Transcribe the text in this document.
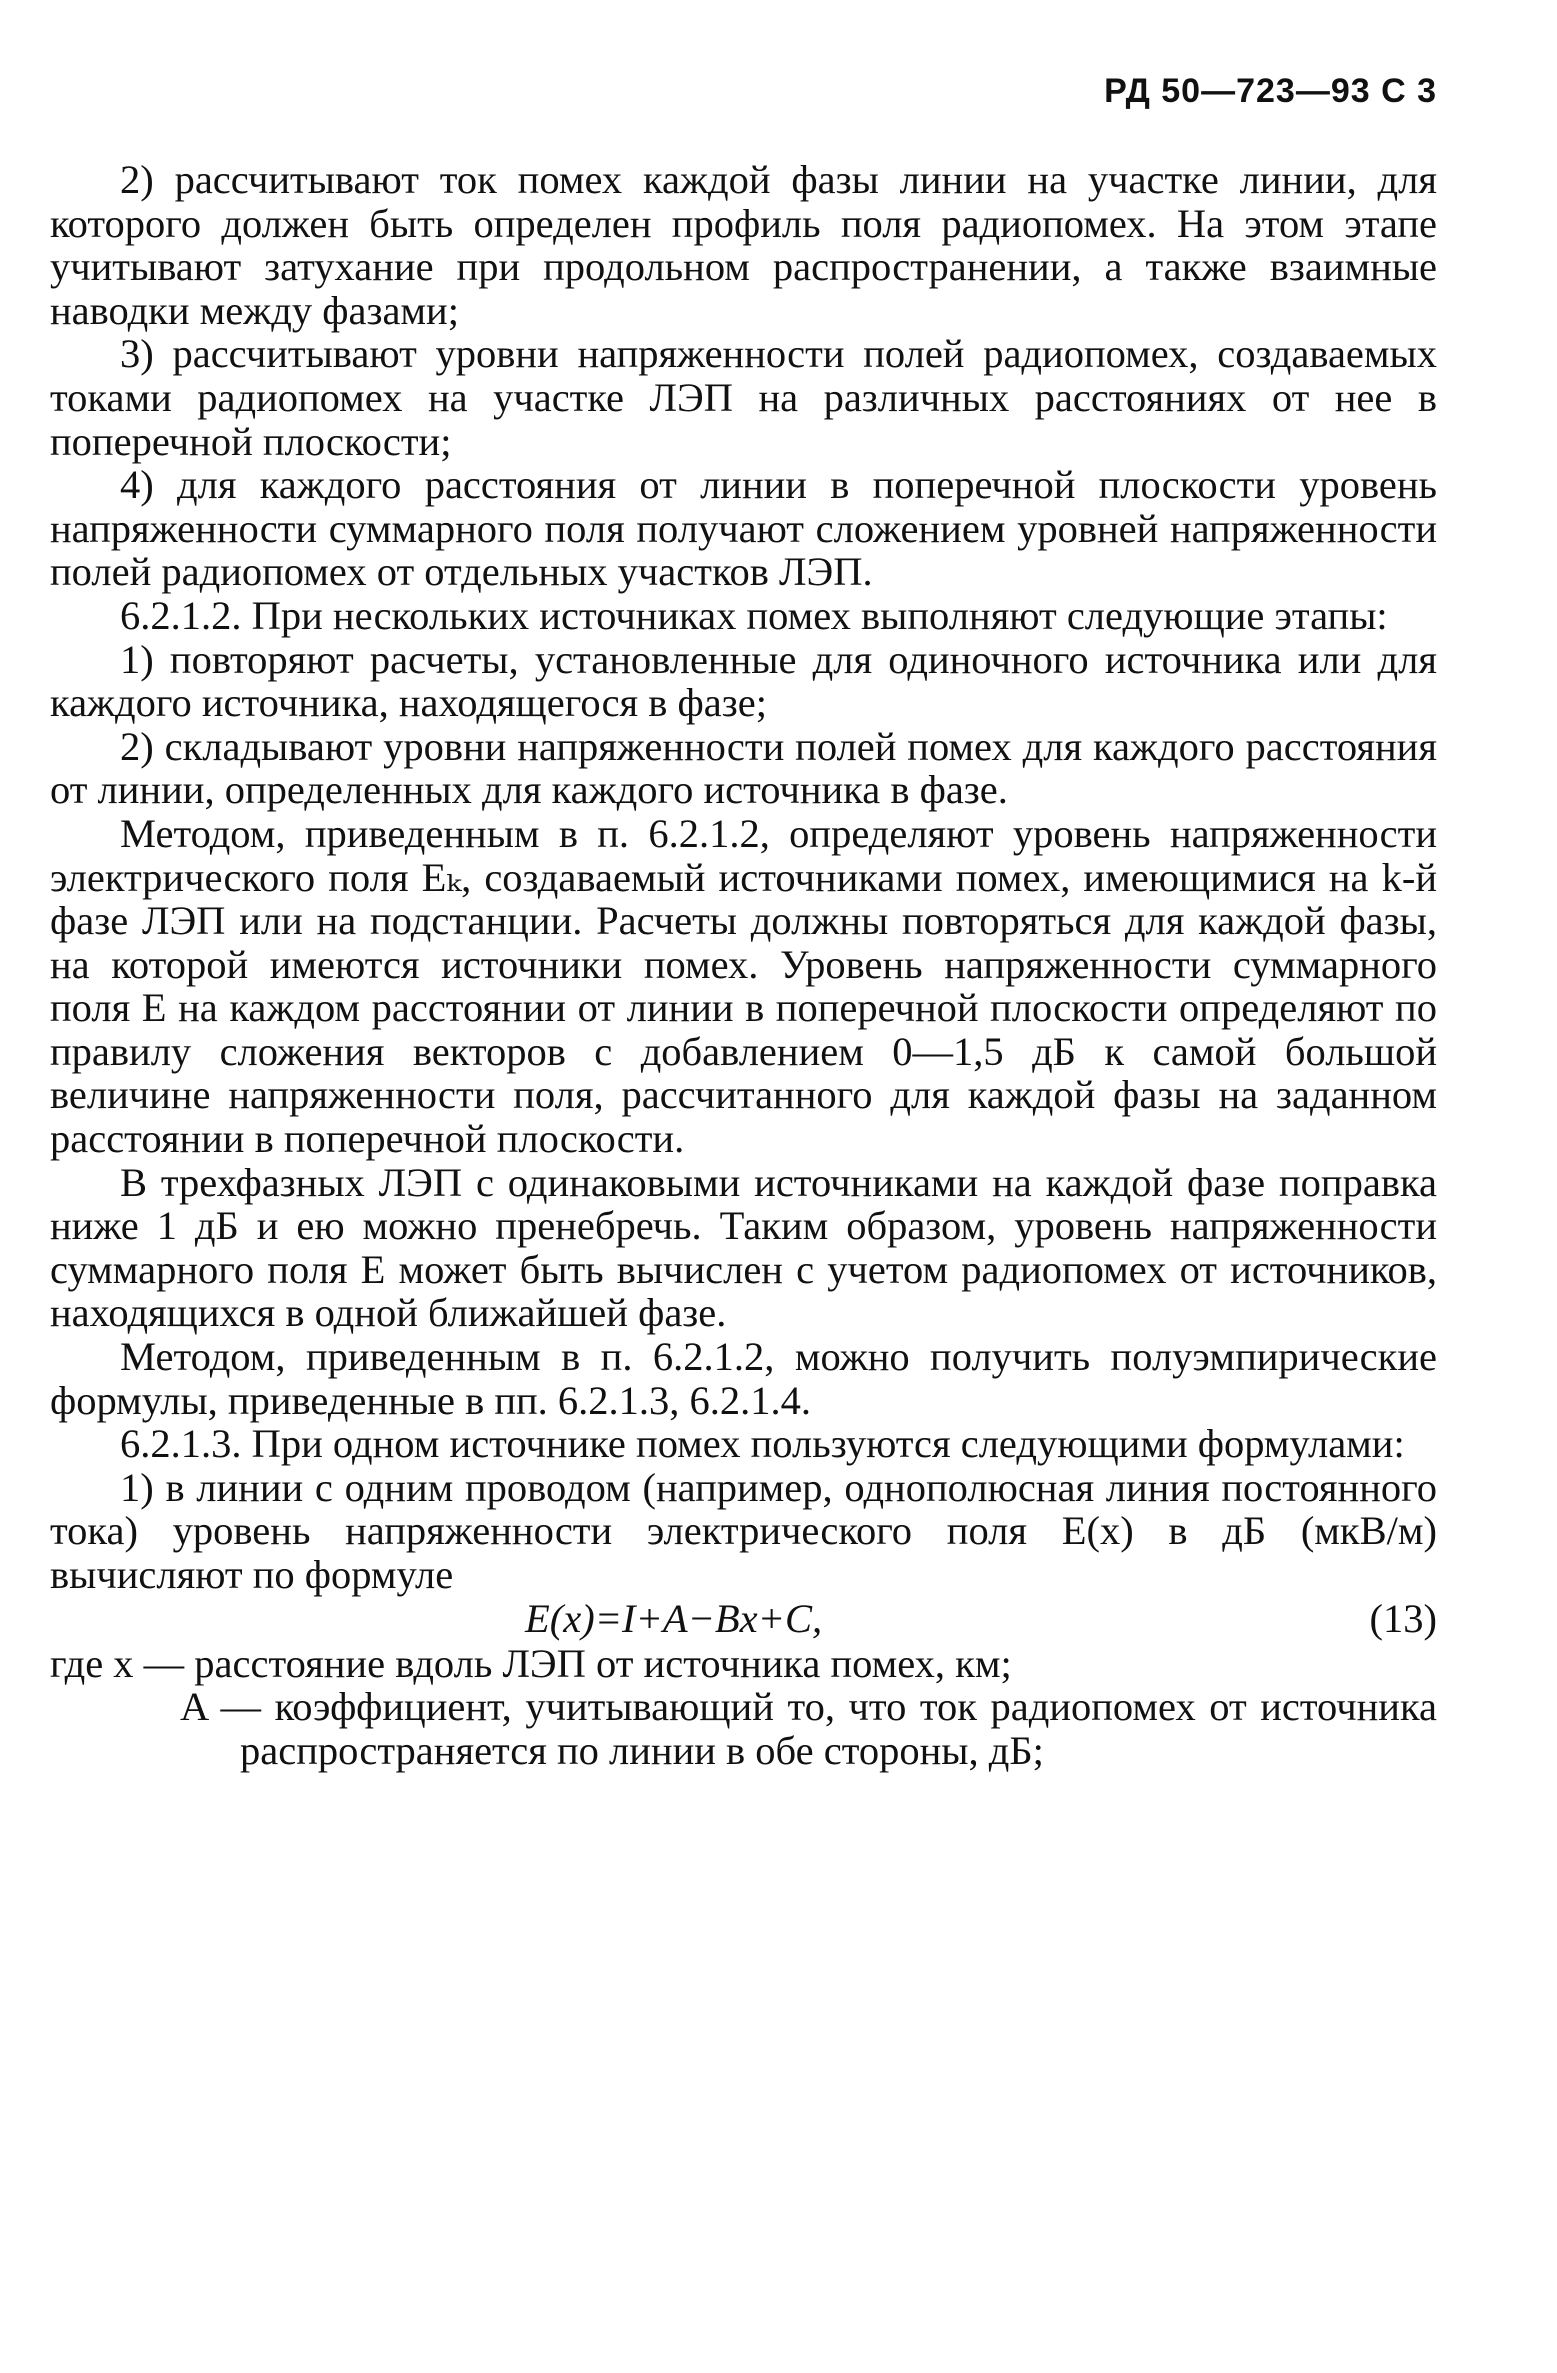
РД 50—723—93 С 3

2) рассчитывают ток помех каждой фазы линии на участке линии, для которого должен быть определен профиль поля радиопомех. На этом этапе учитывают затухание при продольном распространении, а также взаимные наводки между фазами;

3) рассчитывают уровни напряженности полей радиопомех, создаваемых токами радиопомех на участке ЛЭП на различных расстояниях от нее в поперечной плоскости;

4) для каждого расстояния от линии в поперечной плоскости уровень напряженности суммарного поля получают сложением уровней напряженности полей радиопомех от отдельных участков ЛЭП.

6.2.1.2. При нескольких источниках помех выполняют следующие этапы:

1) повторяют расчеты, установленные для одиночного источника или для каждого источника, находящегося в фазе;

2) складывают уровни напряженности полей помех для каждого расстояния от линии, определенных для каждого источника в фазе.

Методом, приведенным в п. 6.2.1.2, определяют уровень напряженности электрического поля Eₖ, создаваемый источниками помех, имеющимися на k-й фазе ЛЭП или на подстанции. Расчеты должны повторяться для каждой фазы, на которой имеются источники помех. Уровень напряженности суммарного поля E на каждом расстоянии от линии в поперечной плоскости определяют по правилу сложения векторов с добавлением 0—1,5 дБ к самой большой величине напряженности поля, рассчитанного для каждой фазы на заданном расстоянии в поперечной плоскости.

В трехфазных ЛЭП с одинаковыми источниками на каждой фазе поправка ниже 1 дБ и ею можно пренебречь. Таким образом, уровень напряженности суммарного поля E может быть вычислен с учетом радиопомех от источников, находящихся в одной ближайшей фазе.

Методом, приведенным в п. 6.2.1.2, можно получить полуэмпирические формулы, приведенные в пп. 6.2.1.3, 6.2.1.4.

6.2.1.3. При одном источнике помех пользуются следующими формулами:

1) в линии с одним проводом (например, однополюсная линия постоянного тока) уровень напряженности электрического поля E(x) в дБ (мкВ/м) вычисляют по формуле

E(x)=I+A−Bx+C,	(13)

где x — расстояние вдоль ЛЭП от источника помех, км;

A — коэффициент, учитывающий то, что ток радиопомех от источника распространяется по линии в обе стороны, дБ;
